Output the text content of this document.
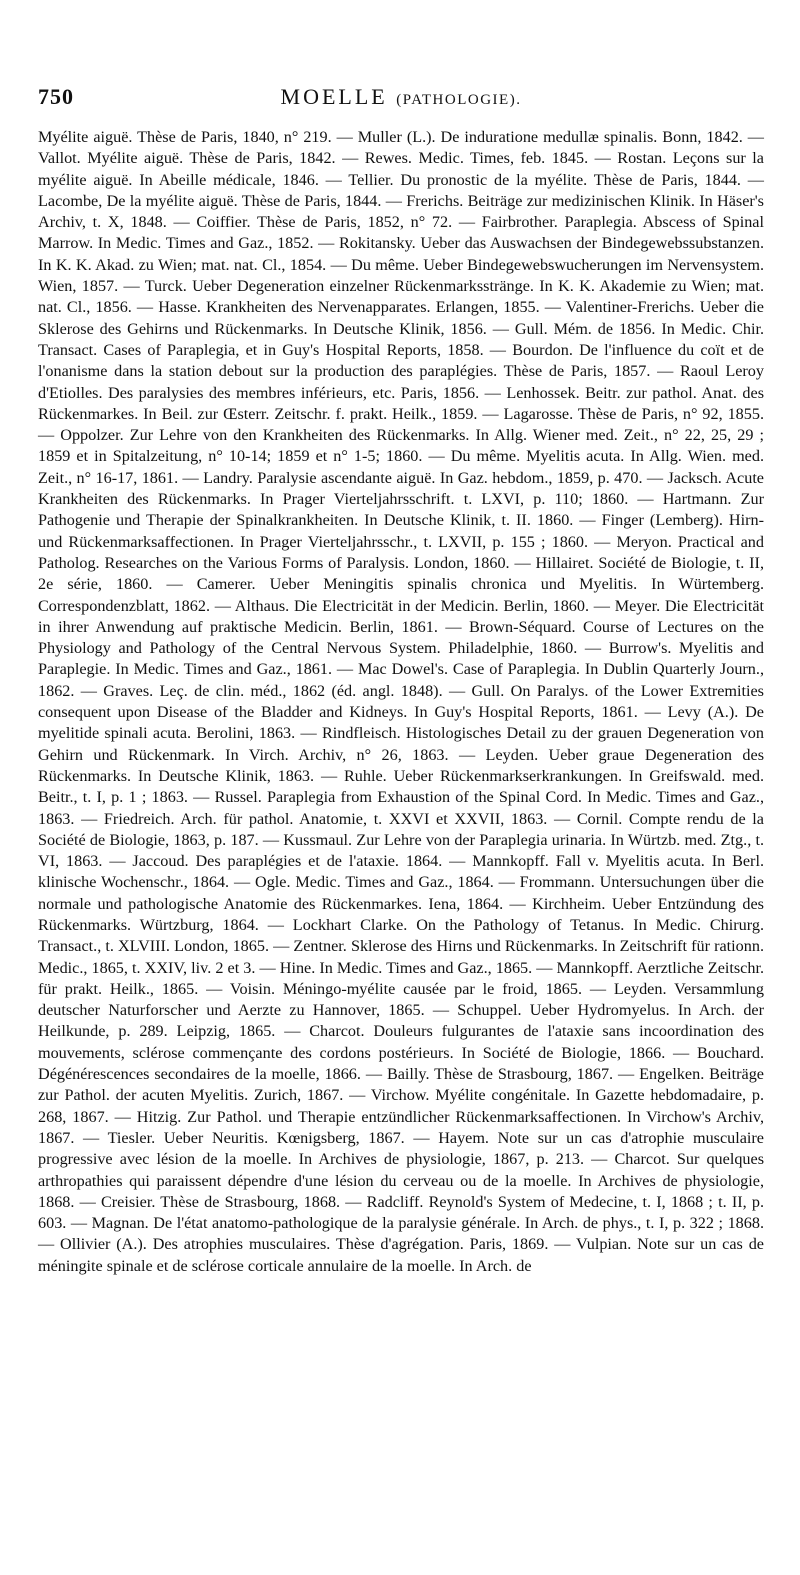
750	MOELLE (PATHOLOGIE).
Myélite aiguë. Thèse de Paris, 1840, n° 219. — Muller (L.). De induratione medullæ spinalis. Bonn, 1842. — Vallot. Myélite aiguë. Thèse de Paris, 1842. — Rewes. Medic. Times, feb. 1845. — Rostan. Leçons sur la myélite aiguë. In Abeille médicale, 1846. — Tellier. Du pronostic de la myélite. Thèse de Paris, 1844. — Lacombe, De la myélite aiguë. Thèse de Paris, 1844. — Frerichs. Beiträge zur medizinischen Klinik. In Häser's Archiv, t. X, 1848. — Coiffier. Thèse de Paris, 1852, n° 72. — Fairbrother. Paraplegia. Abscess of Spinal Marrow. In Medic. Times and Gaz., 1852. — Rokitansky. Ueber das Auswachsen der Bindegewebssubstanzen. In K. K. Akad. zu Wien; mat. nat. Cl., 1854. — Du même. Ueber Bindegewebswucherungen im Nervensystem. Wien, 1857. — Turck. Ueber Degeneration einzelner Rückenmarksstränge. In K. K. Akademie zu Wien; mat. nat. Cl., 1856. — Hasse. Krankheiten des Nervenapparates. Erlangen, 1855. — Valentiner-Frerichs. Ueber die Sklerose des Gehirns und Rückenmarks. In Deutsche Klinik, 1856. — Gull. Mém. de 1856. In Medic. Chir. Transact. Cases of Paraplegia, et in Guy's Hospital Reports, 1858. — Bourdon. De l'influence du coït et de l'onanisme dans la station debout sur la production des paraplégies. Thèse de Paris, 1857. — Raoul Leroy d'Etiolles. Des paralysies des membres inférieurs, etc. Paris, 1856. — Lenhossek. Beitr. zur pathol. Anat. des Rückenmarkes. In Beil. zur Œsterr. Zeitschr. f. prakt. Heilk., 1859. — Lagarosse. Thèse de Paris, n° 92, 1855. — Oppolzer. Zur Lehre von den Krankheiten des Rückenmarks. In Allg. Wiener med. Zeit., n° 22, 25, 29 ; 1859 et in Spitalzeitung, n° 10-14; 1859 et n° 1-5; 1860. — Du même. Myelitis acuta. In Allg. Wien. med. Zeit., n° 16-17, 1861. — Landry. Paralysie ascendante aiguë. In Gaz. hebdom., 1859, p. 470. — Jacksch. Acute Krankheiten des Rückenmarks. In Prager Vierteljahrsschrift. t. LXVI, p. 110; 1860. — Hartmann. Zur Pathogenie und Therapie der Spinalkrankheiten. In Deutsche Klinik, t. II. 1860. — Finger (Lemberg). Hirn- und Rückenmarksaffectionen. In Prager Vierteljahrsschr., t. LXVII, p. 155 ; 1860. — Meryon. Practical and Patholog. Researches on the Various Forms of Paralysis. London, 1860. — Hillairet. Société de Biologie, t. II, 2e série, 1860. — Camerer. Ueber Meningitis spinalis chronica und Myelitis. In Würtemberg. Correspondenzblatt, 1862. — Althaus. Die Electricität in der Medicin. Berlin, 1860. — Meyer. Die Electricität in ihrer Anwendung auf praktische Medicin. Berlin, 1861. — Brown-Séquard. Course of Lectures on the Physiology and Pathology of the Central Nervous System. Philadelphie, 1860. — Burrow's. Myelitis and Paraplegie. In Medic. Times and Gaz., 1861. — Mac Dowel's. Case of Paraplegia. In Dublin Quarterly Journ., 1862. — Graves. Leç. de clin. méd., 1862 (éd. angl. 1848). — Gull. On Paralys. of the Lower Extremities consequent upon Disease of the Bladder and Kidneys. In Guy's Hospital Reports, 1861. — Levy (A.). De myelitide spinali acuta. Berolini, 1863. — Rindfleisch. Histologisches Detail zu der grauen Degeneration von Gehirn und Rückenmark. In Virch. Archiv, n° 26, 1863. — Leyden. Ueber graue Degeneration des Rückenmarks. In Deutsche Klinik, 1863. — Ruhle. Ueber Rückenmarkserkrankungen. In Greifswald. med. Beitr., t. I, p. 1 ; 1863. — Russel. Paraplegia from Exhaustion of the Spinal Cord. In Medic. Times and Gaz., 1863. — Friedreich. Arch. für pathol. Anatomie, t. XXVI et XXVII, 1863. — Cornil. Compte rendu de la Société de Biologie, 1863, p. 187. — Kussmaul. Zur Lehre von der Paraplegia urinaria. In Würtzb. med. Ztg., t. VI, 1863. — Jaccoud. Des paraplégies et de l'ataxie. 1864. — Mannkopff. Fall v. Myelitis acuta. In Berl. klinische Wochenschr., 1864. — Ogle. Medic. Times and Gaz., 1864. — Frommann. Untersuchungen über die normale und pathologische Anatomie des Rückenmarkes. Iena, 1864. — Kirchheim. Ueber Entzündung des Rückenmarks. Würtzburg, 1864. — Lockhart Clarke. On the Pathology of Tetanus. In Medic. Chirurg. Transact., t. XLVIII. London, 1865. — Zentner. Sklerose des Hirns und Rückenmarks. In Zeitschrift für rationn. Medic., 1865, t. XXIV, liv. 2 et 3. — Hine. In Medic. Times and Gaz., 1865. — Mannkopff. Aerztliche Zeitschr. für prakt. Heilk., 1865. — Voisin. Méningo-myélite causée par le froid, 1865. — Leyden. Versammlung deutscher Naturforscher und Aerzte zu Hannover, 1865. — Schuppel. Ueber Hydromyelus. In Arch. der Heilkunde, p. 289. Leipzig, 1865. — Charcot. Douleurs fulgurantes de l'ataxie sans incoordination des mouvements, sclérose commençante des cordons postérieurs. In Société de Biologie, 1866. — Bouchard. Dégénérescences secondaires de la moelle, 1866. — Bailly. Thèse de Strasbourg, 1867. — Engelken. Beiträge zur Pathol. der acuten Myelitis. Zurich, 1867. — Virchow. Myélite congénitale. In Gazette hebdomadaire, p. 268, 1867. — Hitzig. Zur Pathol. und Therapie entzündlicher Rückenmarksaffectionen. In Virchow's Archiv, 1867. — Tiesler. Ueber Neuritis. Kœnigsberg, 1867. — Hayem. Note sur un cas d'atrophie musculaire progressive avec lésion de la moelle. In Archives de physiologie, 1867, p. 213. — Charcot. Sur quelques arthropathies qui paraissent dépendre d'une lésion du cerveau ou de la moelle. In Archives de physiologie, 1868. — Creisier. Thèse de Strasbourg, 1868. — Radcliff. Reynold's System of Medecine, t. I, 1868 ; t. II, p. 603. — Magnan. De l'état anatomo-pathologique de la paralysie générale. In Arch. de phys., t. I, p. 322 ; 1868. — Ollivier (A.). Des atrophies musculaires. Thèse d'agrégation. Paris, 1869. — Vulpian. Note sur un cas de méningite spinale et de sclérose corticale annulaire de la moelle. In Arch. de
